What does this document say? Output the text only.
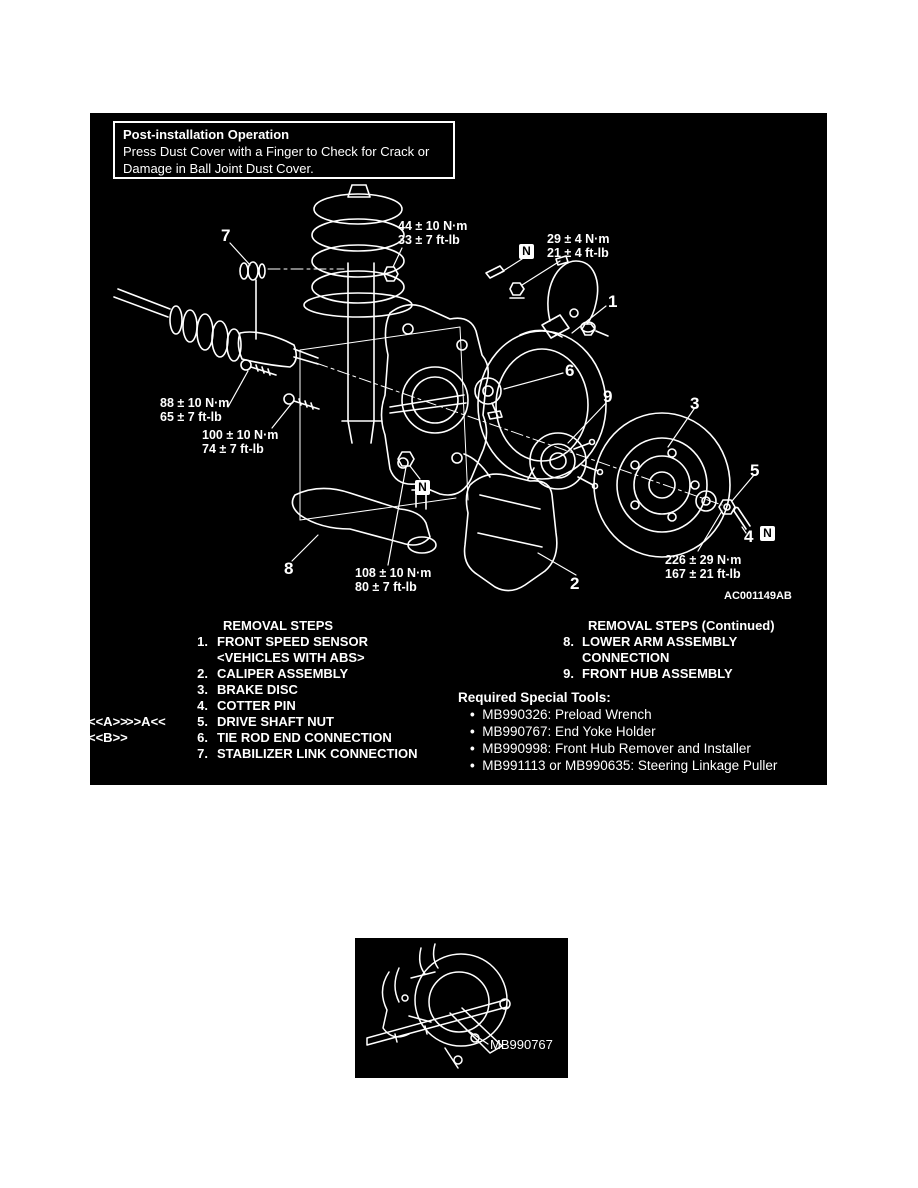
Post-installation Operation
Press Dust Cover with a Finger to Check for Crack or
Damage in Ball Joint Dust Cover.
44 ± 10 N·m
33 ± 7 ft-lb	29 ± 4 N·m
21 ± 4 ft-lb
88 ± 10 N·m
65 ± 7 ft-lb
100 ± 10 N·m
74 ± 7 ft-lb
108 ± 10 N·m
80 ± 7 ft-lb
226 ± 29 N·m
167 ± 21 ft-lb
7
1
6
9	3
5
4
2
8
N
N
N
AC001149AB
REMOVAL STEPS
1. FRONT SPEED SENSOR
<VEHICLES WITH ABS>
2. CALIPER ASSEMBLY
3. BRAKE DISC
4. COTTER PIN
<<A>>
>>A<<	5. DRIVE SHAFT NUT
<<B>>	6. TIE ROD END CONNECTION
7. STABILIZER LINK CONNECTION
REMOVAL STEPS (Continued)
8. LOWER ARM ASSEMBLY
CONNECTION
9. FRONT HUB ASSEMBLY
Required Special Tools:
•  MB990326: Preload Wrench
•  MB990767: End Yoke Holder
•  MB990998: Front Hub Remover and Installer
•  MB991113 or MB990635: Steering Linkage Puller
MB990767
